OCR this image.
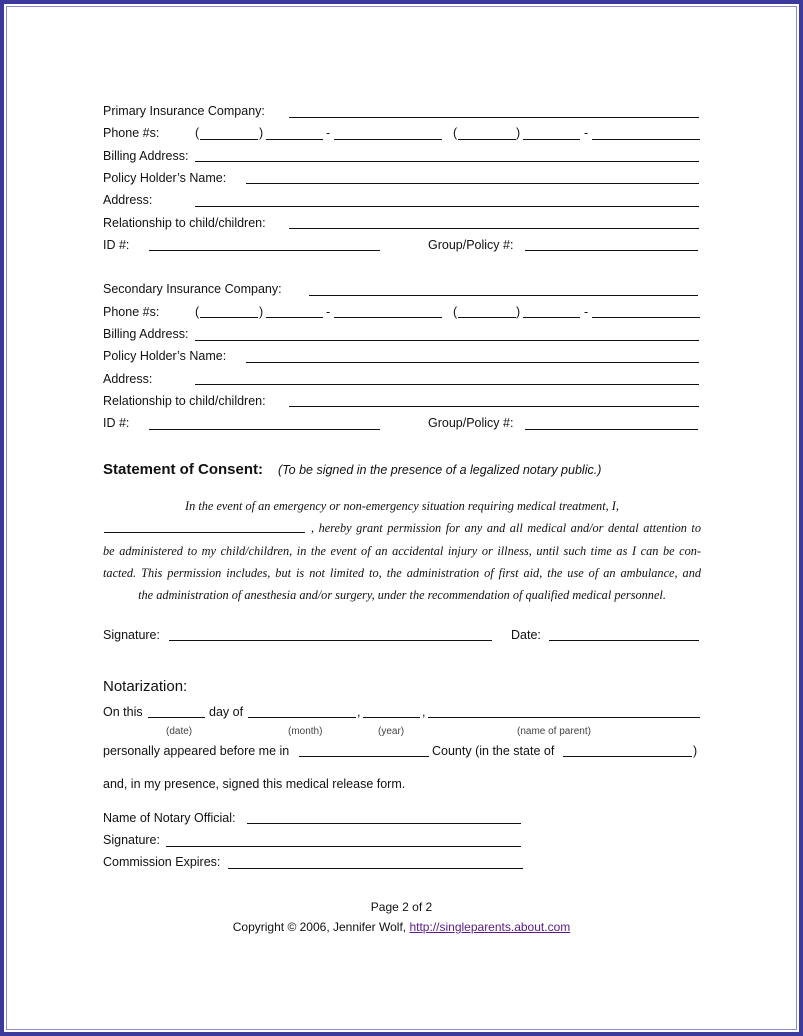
Primary Insurance Company:
Phone #s:	(	)	-	(	)	-
Billing Address:
Policy Holder’s Name:
Address:
Relationship to child/children:
ID #:	Group/Policy #:
Secondary Insurance Company:
Phone #s:	(	)	-	(	)	-
Billing Address:
Policy Holder’s Name:
Address:
Relationship to child/children:
ID #:	Group/Policy #:
Statement of Consent: (To be signed in the presence of a legalized notary public.)

In the event of an emergency or non-emergency situation requiring medical treatment, I,

, hereby grant permission for any and all medical and/or dental attention to

be administered to my child/children, in the event of an accidental injury or illness, until such time as I can be con-

tacted. This permission includes, but is not limited to, the administration of first aid, the use of an ambulance, and

the administration of anesthesia and/or surgery, under the recommendation of qualified medical personnel.

Signature:	Date:
Notarization:
On this	day of	,	,
(date)	(month)	(year)	(name of parent)
personally appeared before me in	County (in the state of	)
and, in my presence, signed this medical release form.
Name of Notary Official:
Signature:
Commission Expires:
Page 2 of 2
Copyright © 2006, Jennifer Wolf, http://singleparents.about.com
